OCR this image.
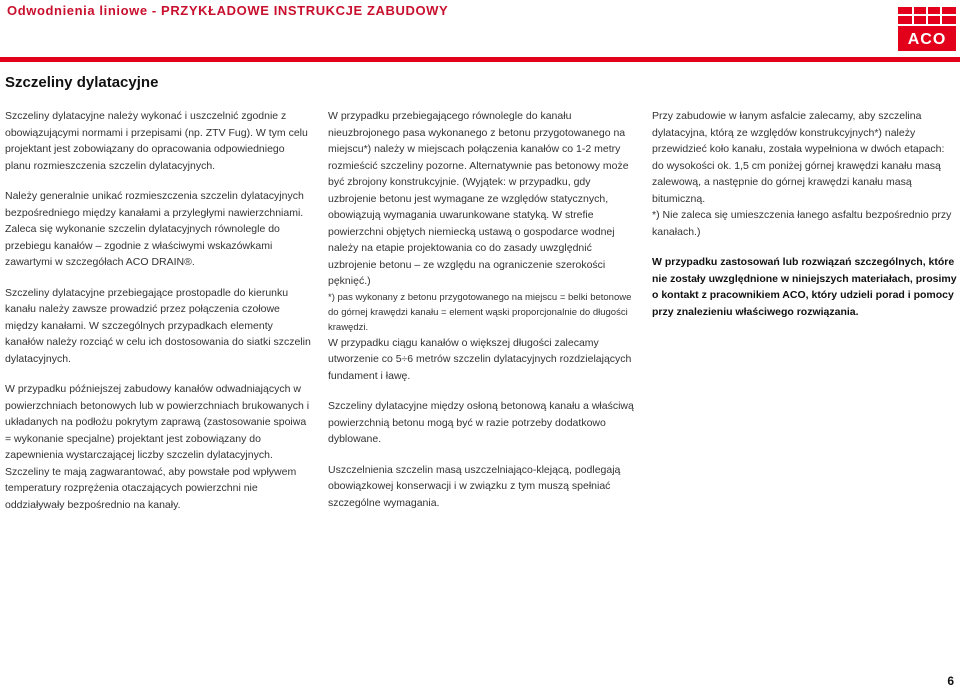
Odwodnienia liniowe - PRZYKŁADOWE INSTRUKCJE ZABUDOWY
ACO
Szczeliny dylatacyjne

Szczeliny dylatacyjne należy wykonać i uszczelnić zgodnie z obowiązującymi normami i przepisami (np. ZTV Fug). W tym celu projektant jest zobowiązany do opracowania odpowiedniego planu rozmieszczenia szczelin dylatacyjnych.

Należy generalnie unikać rozmieszczenia szczelin dylatacyjnych bezpośredniego między kanałami a przyległymi nawierzchniami. Zaleca się wykonanie szczelin dylatacyjnych równolegle do przebiegu kanałów – zgodnie z właściwymi wskazówkami zawartymi w szczegółach ACO DRAIN®.

Szczeliny dylatacyjne przebiegające prostopadle do kierunku kanału należy zawsze prowadzić przez połączenia czołowe między kanałami. W szczególnych przypadkach elementy kanałów należy rozciąć w celu ich dostosowania do siatki szczelin dylatacyjnych.

W przypadku późniejszej zabudowy kanałów odwadniających w powierzchniach betonowych lub w powierzchniach brukowanych i układanych na podłożu pokrytym zaprawą (zastosowanie spoiwa = wykonanie specjalne) projektant jest zobowiązany do zapewnienia wystarczającej liczby szczelin dylatacyjnych. Szczeliny te mają zagwarantować, aby powstałe pod wpływem temperatury rozprężenia otaczających powierzchni nie oddziaływały bezpośrednio na kanały.

W przypadku przebiegającego równolegle do kanału nieuzbrojonego pasa wykonanego z betonu przygotowanego na miejscu*) należy w miejscach połączenia kanałów co 1-2 metry rozmieścić szczeliny pozorne. Alternatywnie pas betonowy może być zbrojony konstrukcyjnie. (Wyjątek: w przypadku, gdy uzbrojenie betonu jest wymagane ze względów statycznych, obowiązują wymagania uwarunkowane statyką. W strefie powierzchni objętych niemiecką ustawą o gospodarce wodnej należy na etapie projektowania co do zasady uwzględnić uzbrojenie betonu – ze względu na ograniczenie szerokości pęknięć.)

*) pas wykonany z betonu przygotowanego na miejscu = belki betonowe do górnej krawędzi kanału = element wąski proporcjonalnie do długości krawędzi.

W przypadku ciągu kanałów o większej długości zalecamy utworzenie co 5÷6 metrów szczelin dylatacyjnych rozdzielających fundament i ławę.

Szczeliny dylatacyjne między osłoną betonową kanału a właściwą powierzchnią betonu mogą być w razie potrzeby dodatkowo dyblowane.

Uszczelnienia szczelin masą uszczelniająco-klejącą, podlegają obowiązkowej konserwacji i w związku z tym muszą spełniać szczególne wymagania.

Przy zabudowie w łanym asfalcie zalecamy, aby szczelina dylatacyjna, którą ze względów konstrukcyjnych*) należy przewidzieć koło kanału, została wypełniona w dwóch etapach: do wysokości ok. 1,5 cm poniżej górnej krawędzi kanału masą zalewową, a następnie do górnej krawędzi kanału masą bitumiczną.

*) Nie zaleca się umieszczenia łanego asfaltu bezpośrednio przy kanałach.)

W przypadku zastosowań lub rozwiązań szczególnych, które nie zostały uwzględnione w niniejszych materiałach, prosimy o kontakt z pracownikiem ACO, który udzieli porad i pomocy przy znalezieniu właściwego rozwiązania.

6
